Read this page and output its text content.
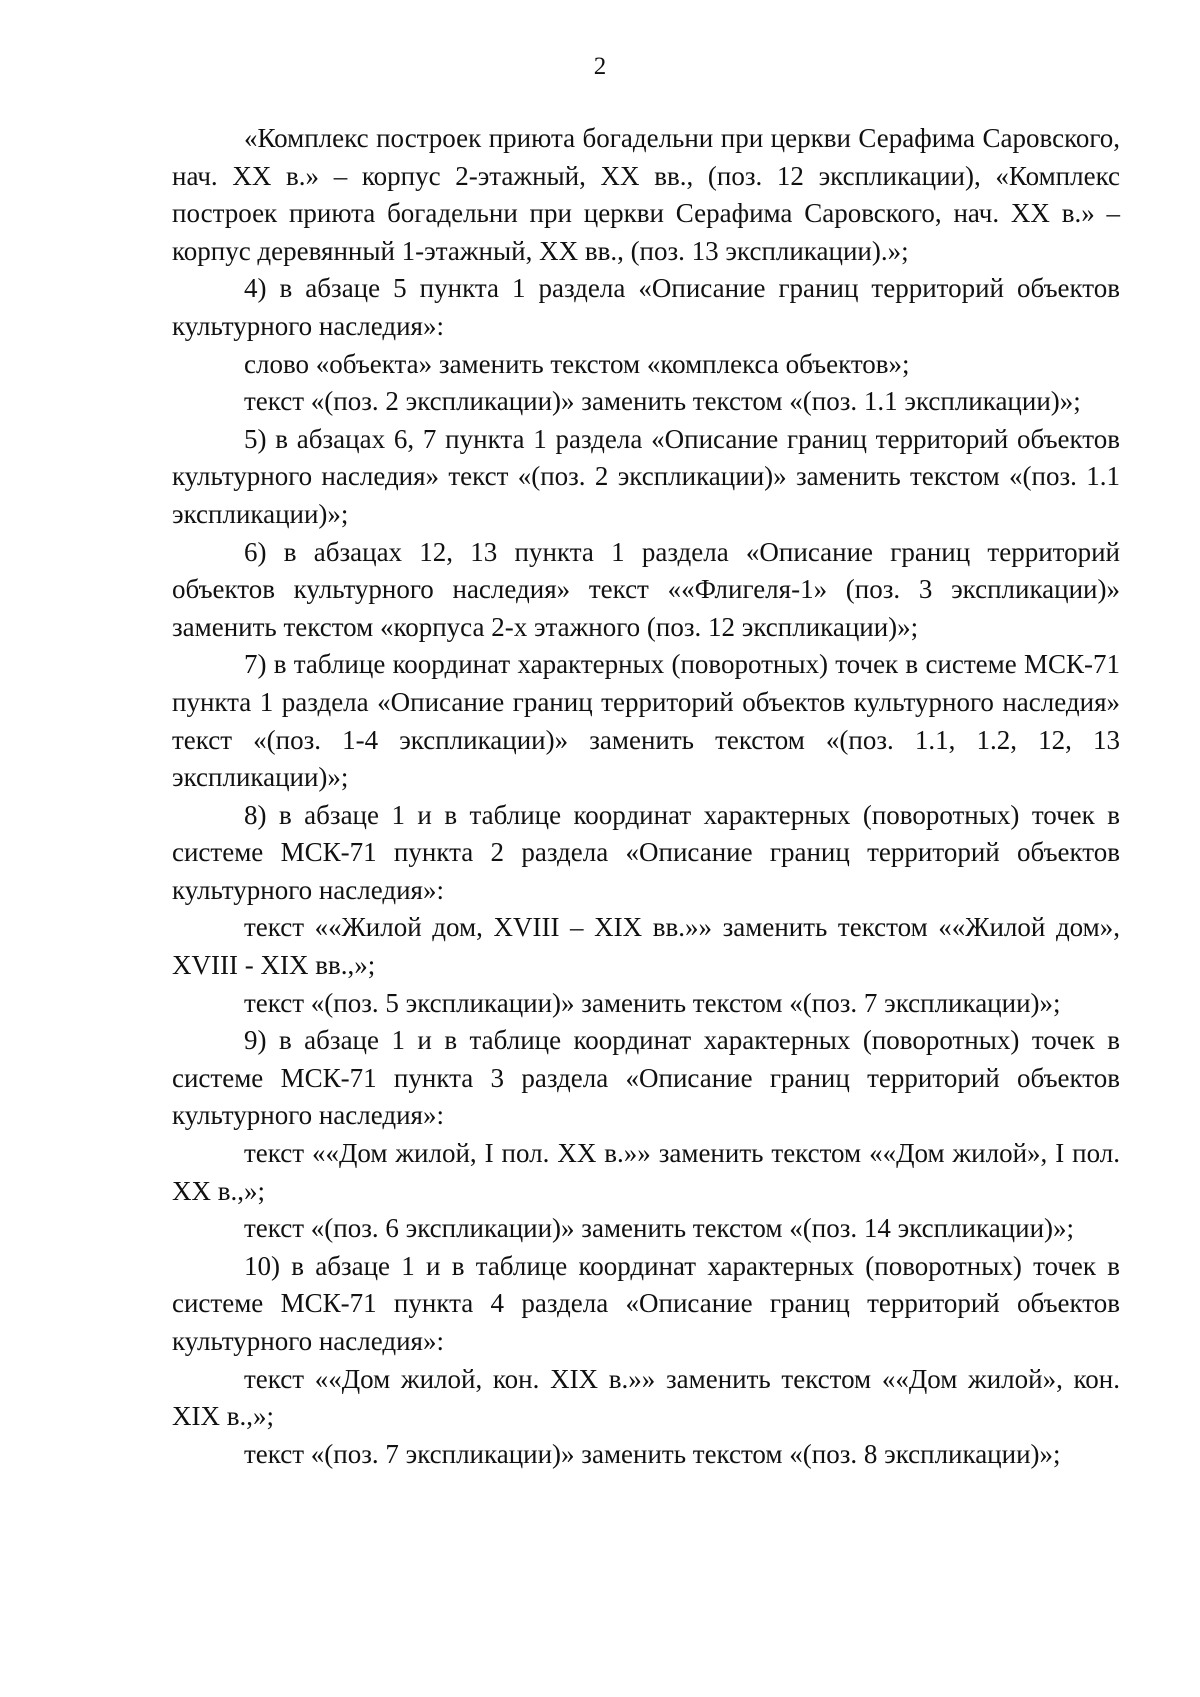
2

«Комплекс построек приюта богадельни при церкви Серафима Саровского, нач. XX в.» – корпус 2-этажный, XX вв., (поз. 12 экспликации), «Комплекс построек приюта богадельни при церкви Серафима Саровского, нач. XX в.» – корпус деревянный 1-этажный, XX вв., (поз. 13 экспликации).»;

4) в абзаце 5 пункта 1 раздела «Описание границ территорий объектов культурного наследия»:

слово «объекта» заменить текстом «комплекса объектов»;

текст «(поз. 2 экспликации)» заменить текстом «(поз. 1.1 экспликации)»;

5) в абзацах 6, 7 пункта 1 раздела «Описание границ территорий объектов культурного наследия» текст «(поз. 2 экспликации)» заменить текстом «(поз. 1.1 экспликации)»;

6) в абзацах 12, 13 пункта 1 раздела «Описание границ территорий объектов культурного наследия» текст ««Флигеля-1» (поз. 3 экспликации)» заменить текстом «корпуса 2-х этажного (поз. 12 экспликации)»;

7) в таблице координат характерных (поворотных) точек в системе МСК-71 пункта 1 раздела «Описание границ территорий объектов культурного наследия» текст «(поз. 1-4 экспликации)» заменить текстом «(поз. 1.1, 1.2, 12, 13 экспликации)»;

8) в абзаце 1 и в таблице координат характерных (поворотных) точек в системе МСК-71 пункта 2 раздела «Описание границ территорий объектов культурного наследия»:

текст ««Жилой дом, XVIII – XIX вв.»» заменить текстом ««Жилой дом», XVIII - XIX вв.,»;

текст «(поз. 5 экспликации)» заменить текстом «(поз. 7 экспликации)»;

9) в абзаце 1 и в таблице координат характерных (поворотных) точек в системе МСК-71 пункта 3 раздела «Описание границ территорий объектов культурного наследия»:

текст ««Дом жилой, I пол. XX в.»» заменить текстом ««Дом жилой», I пол. XX в.,»;

текст «(поз. 6 экспликации)» заменить текстом «(поз. 14 экспликации)»;

10) в абзаце 1 и в таблице координат характерных (поворотных) точек в системе МСК-71 пункта 4 раздела «Описание границ территорий объектов культурного наследия»:

текст ««Дом жилой, кон. XIX в.»» заменить текстом ««Дом жилой», кон. XIX в.,»;

текст «(поз. 7 экспликации)» заменить текстом «(поз. 8 экспликации)»;
